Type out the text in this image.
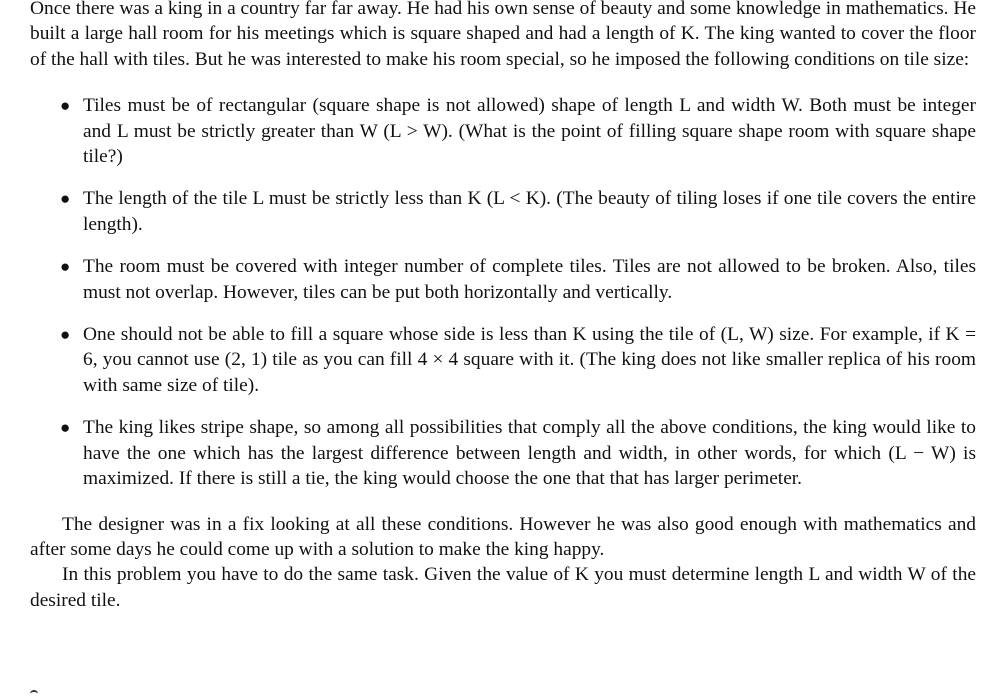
Once there was a king in a country far far away. He had his own sense of beauty and some knowledge in mathematics. He built a large hall room for his meetings which is square shaped and had a length of K. The king wanted to cover the floor of the hall with tiles. But he was interested to make his room special, so he imposed the following conditions on tile size:

● Tiles must be of rectangular (square shape is not allowed) shape of length L and width W. Both must be integer and L must be strictly greater than W (L > W). (What is the point of filling square shape room with square shape tile?)
● The length of the tile L must be strictly less than K (L < K). (The beauty of tiling loses if one tile covers the entire length).
● The room must be covered with integer number of complete tiles. Tiles are not allowed to be broken. Also, tiles must not overlap. However, tiles can be put both horizontally and vertically.
● One should not be able to fill a square whose side is less than K using the tile of (L, W) size. For example, if K = 6, you cannot use (2, 1) tile as you can fill 4 × 4 square with it. (The king does not like smaller replica of his room with same size of tile).
● The king likes stripe shape, so among all possibilities that comply all the above conditions, the king would like to have the one which has the largest difference between length and width, in other words, for which (L − W) is maximized. If there is still a tie, the king would choose the one that that has larger perimeter.

The designer was in a fix looking at all these conditions. However he was also good enough with mathematics and after some days he could come up with a solution to make the king happy.

In this problem you have to do the same task. Given the value of K you must determine length L and width W of the desired tile.
